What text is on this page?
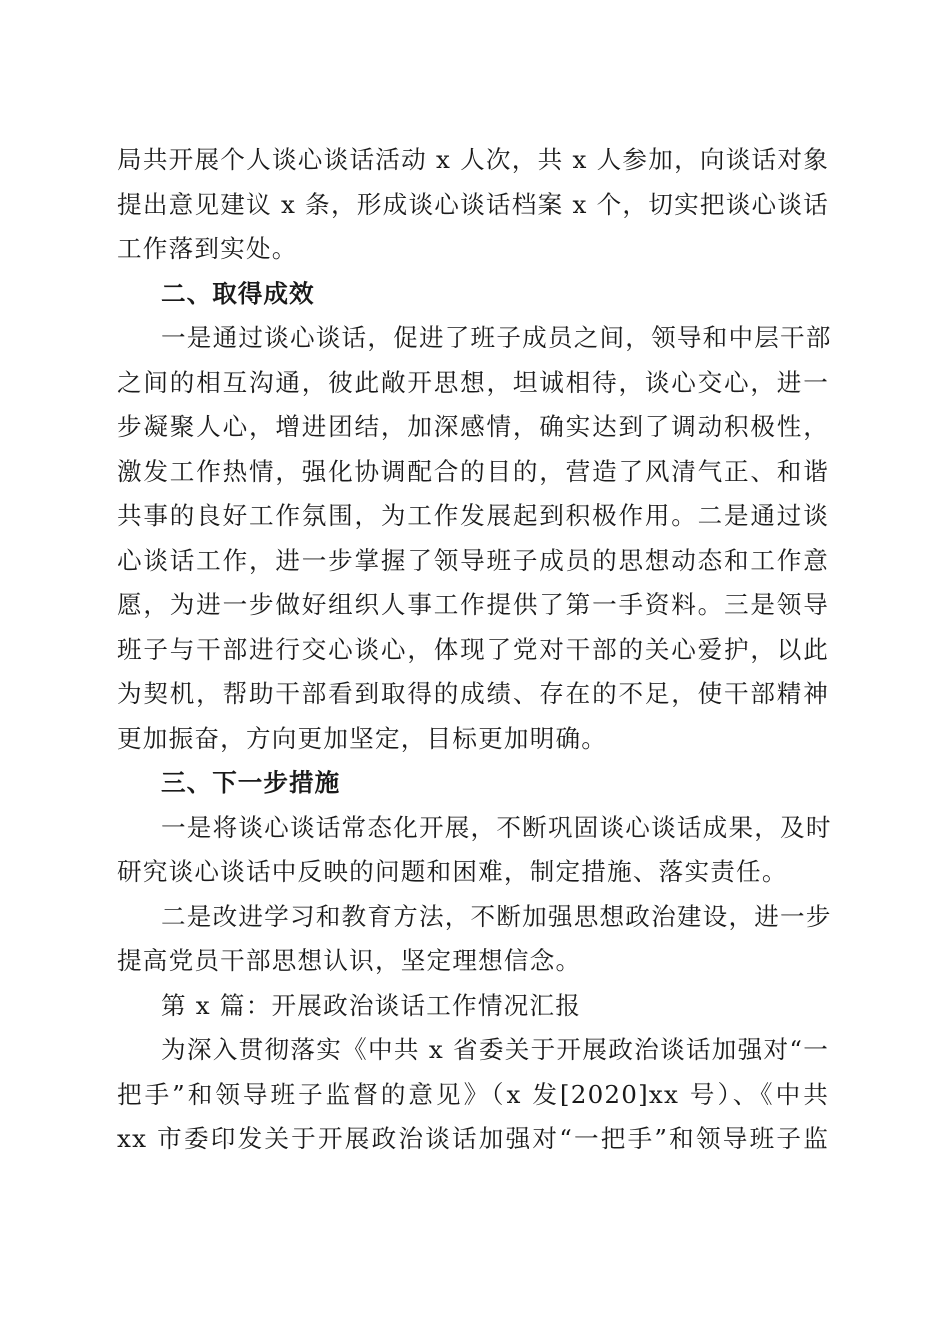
局共开展个人谈心谈话活动 x 人次，共 x 人参加，向谈话对象
提出意见建议 x 条，形成谈心谈话档案 x 个，切实把谈心谈话
工作落到实处。
二、取得成效
一是通过谈心谈话，促进了班子成员之间，领导和中层干部
之间的相互沟通，彼此敞开思想，坦诚相待，谈心交心，进一
步凝聚人心，增进团结，加深感情，确实达到了调动积极性，
激发工作热情，强化协调配合的目的，营造了风清气正、和谐
共事的良好工作氛围，为工作发展起到积极作用。二是通过谈
心谈话工作，进一步掌握了领导班子成员的思想动态和工作意
愿，为进一步做好组织人事工作提供了第一手资料。三是领导
班子与干部进行交心谈心，体现了党对干部的关心爱护，以此
为契机，帮助干部看到取得的成绩、存在的不足，使干部精神
更加振奋，方向更加坚定，目标更加明确。
三、下一步措施
一是将谈心谈话常态化开展，不断巩固谈心谈话成果，及时
研究谈心谈话中反映的问题和困难，制定措施、落实责任。
二是改进学习和教育方法，不断加强思想政治建设，进一步
提高党员干部思想认识，坚定理想信念。
第 x 篇：开展政治谈话工作情况汇报
为深入贯彻落实《中共 x 省委关于开展政治谈话加强对“一
把手”和领导班子监督的意见》（x 发[2020]xx 号）、《中共
xx 市委印发关于开展政治谈话加强对“一把手”和领导班子监
